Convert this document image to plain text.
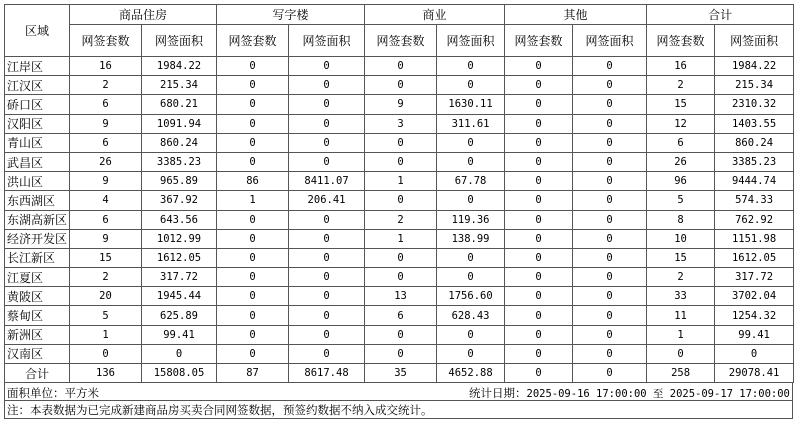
区域	商品住房		写字楼		商业		其他		合计	
	网签套数	网签面积	网签套数	网签面积	网签套数	网签面积	网签套数	网签面积	网签套数	网签面积
江岸区	16	1984.22	0	0	0	0	0	0	16	1984.22
江汉区	2	215.34	0	0	0	0	0	0	2	215.34
硚口区	6	680.21	0	0	9	1630.11	0	0	15	2310.32
汉阳区	9	1091.94	0	0	3	311.61	0	0	12	1403.55
青山区	6	860.24	0	0	0	0	0	0	6	860.24
武昌区	26	3385.23	0	0	0	0	0	0	26	3385.23
洪山区	9	965.89	86	8411.07	1	67.78	0	0	96	9444.74
东西湖区	4	367.92	1	206.41	0	0	0	0	5	574.33
东湖高新区	6	643.56	0	0	2	119.36	0	0	8	762.92
经济开发区	9	1012.99	0	0	1	138.99	0	0	10	1151.98
长江新区	15	1612.05	0	0	0	0	0	0	15	1612.05
江夏区	2	317.72	0	0	0	0	0	0	2	317.72
黄陂区	20	1945.44	0	0	13	1756.60	0	0	33	3702.04
蔡甸区	5	625.89	0	0	6	628.43	0	0	11	1254.32
新洲区	1	99.41	0	0	0	0	0	0	1	99.41
汉南区	0	0	0	0	0	0	0	0	0	0
合计	136	15808.05	87	8617.48	35	4652.88	0	0	258	29078.41
面积单位：平方米	统计日期：2025-09-16 17:00:00 至 2025-09-17 17:00:00
注：本表数据为已完成新建商品房买卖合同网签数据，预签约数据不纳入成交统计。
